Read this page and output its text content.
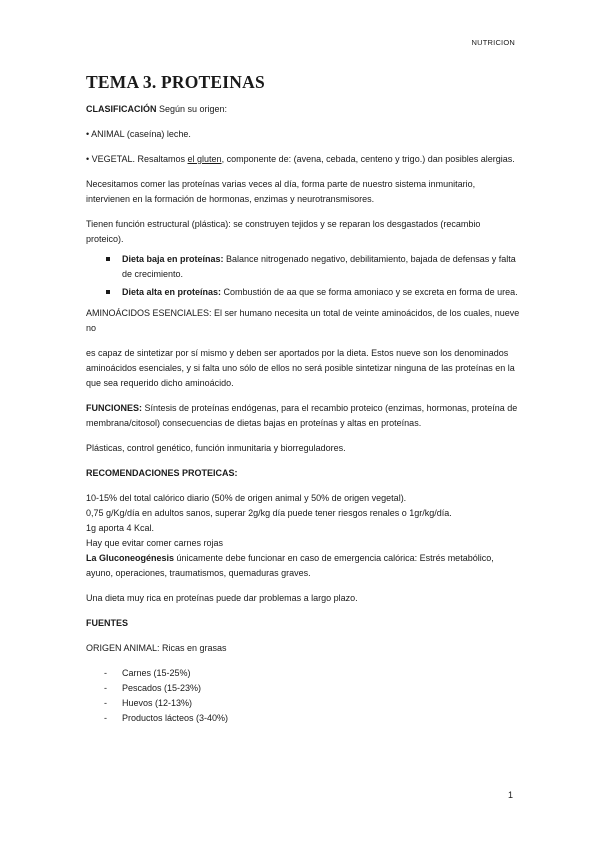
NUTRICION
TEMA 3. PROTEINAS

CLASIFICACIÓN Según su origen:

• ANIMAL (caseína) leche.

• VEGETAL. Resaltamos el gluten, componente de: (avena, cebada, centeno y trigo.) dan posibles alergias.

Necesitamos comer las proteínas varias veces al día, forma parte de nuestro sistema inmunitario, intervienen en la formación de hormonas, enzimas y neurotransmisores.

Tienen función estructural (plástica): se construyen tejidos y se reparan los desgastados (recambio proteico).

Dieta baja en proteínas: Balance nitrogenado negativo, debilitamiento, bajada de defensas y falta de crecimiento.
Dieta alta en proteínas: Combustión de aa que se forma amoniaco y se excreta en forma de urea.

AMINOÁCIDOS ESENCIALES: El ser humano necesita un total de veinte aminoácidos, de los cuales, nueve no

es capaz de sintetizar por sí mismo y deben ser aportados por la dieta. Estos nueve son los denominados aminoácidos esenciales, y si falta uno sólo de ellos no será posible sintetizar ninguna de las proteínas en la que sea requerido dicho aminoácido.

FUNCIONES: Síntesis de proteínas endógenas, para el recambio proteico (enzimas, hormonas, proteína de membrana/citosol) consecuencias de dietas bajas en proteínas y altas en proteínas.

Plásticas, control genético, función inmunitaria y biorreguladores.

RECOMENDACIONES PROTEICAS:

10-15% del total calórico diario (50% de origen animal y 50% de origen vegetal).

0,75 g/Kg/día en adultos sanos, superar 2g/kg día puede tener riesgos renales o 1gr/kg/día.

1g aporta 4 Kcal.

Hay que evitar comer carnes rojas

La Gluconeogénesis únicamente debe funcionar en caso de emergencia calórica: Estrés metabólico, ayuno, operaciones, traumatismos, quemaduras graves.

Una dieta muy rica en proteínas puede dar problemas a largo plazo.

FUENTES

ORIGEN ANIMAL: Ricas en grasas

- Carnes (15-25%)
- Pescados (15-23%)
- Huevos (12-13%)
- Productos lácteos (3-40%)
1
